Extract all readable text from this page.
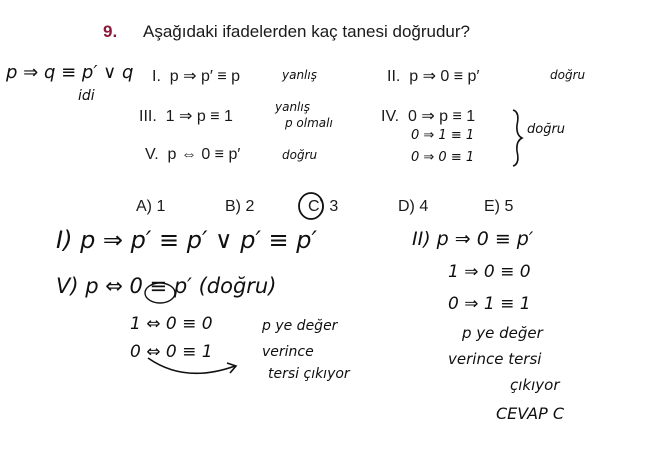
9. Aşağıdaki ifadelerden kaç tanesi doğrudur?
I. p ⇒ p′ ≡ p	II. p ⇒ 0 ≡ p′
III. 1 ⇒ p ≡ 1	IV. 0 ⇒ p ≡ 1
V. p ⇔ 0 ≡ p′
A) 1	B) 2	C) 3	D) 4	E) 5
p ⇒ q ≡ p′ ∨ q
idi
yanlış	doğru
yanlış
p olmalı
0 ⇒ 1 ≡ 1
0 ⇒ 0 ≡ 1
doğru
doğru
I) p ⇒ p′ ≡ p′ ∨ p′ ≡ p′	II) p ⇒ 0 ≡ p′
1 ⇒ 0 ≡ 0
0 ⇒ 1 ≡ 1
p ye değer
verince tersi
çıkıyor
CEVAP C
V) p ⇔ 0 ≡ p′ (doğru)
1 ⇔ 0 ≡ 0
0 ⇔ 0 ≡ 1
p ye değer
verince
tersi çıkıyor
